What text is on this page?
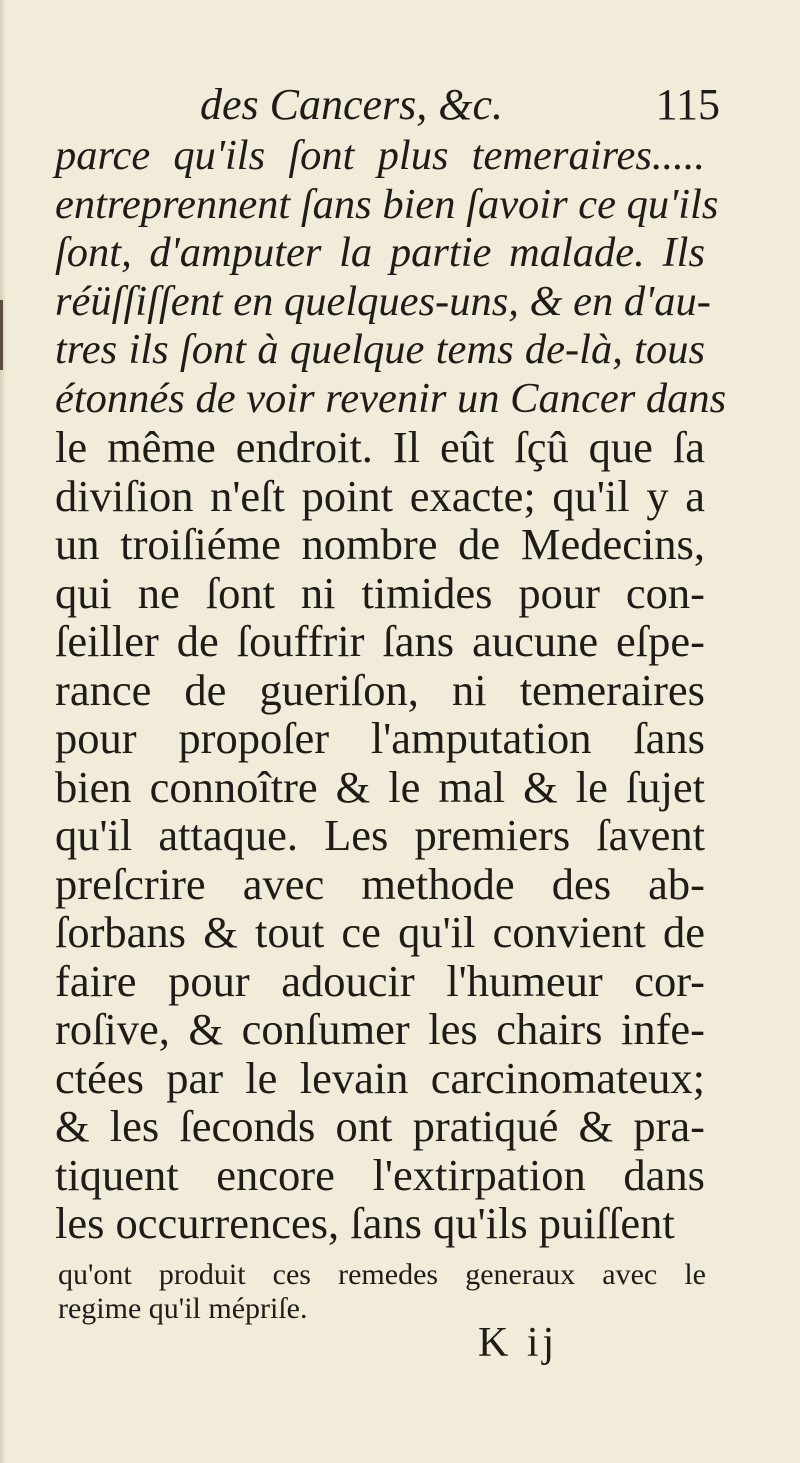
des Cancers, &c.	115
parce qu'ils ſont plus temeraires.....
entreprennent ſans bien ſavoir ce qu'ils
ſont, d'amputer la partie malade. Ils
réüſſiſſent en quelques-uns, & en d'au-
tres ils ſont à quelque tems de-là, tous
étonnés de voir revenir un Cancer dans
le même endroit. Il eût ſçû que ſa
diviſion n'eſt point exacte; qu'il y a
un troiſiéme nombre de Medecins,
qui ne ſont ni timides pour con-
ſeiller de ſouffrir ſans aucune eſpe-
rance de gueriſon, ni temeraires
pour propoſer l'amputation ſans
bien connoître & le mal & le ſujet
qu'il attaque. Les premiers ſavent
preſcrire avec methode des ab-
ſorbans & tout ce qu'il convient de
faire pour adoucir l'humeur cor-
roſive, & conſumer les chairs infe-
ctées par le levain carcinomateux;
& les ſeconds ont pratiqué & pra-
tiquent encore l'extirpation dans
les occurrences, ſans qu'ils puiſſent
qu'ont produit ces remedes generaux avec le
regime qu'il mépriſe.
K ij
